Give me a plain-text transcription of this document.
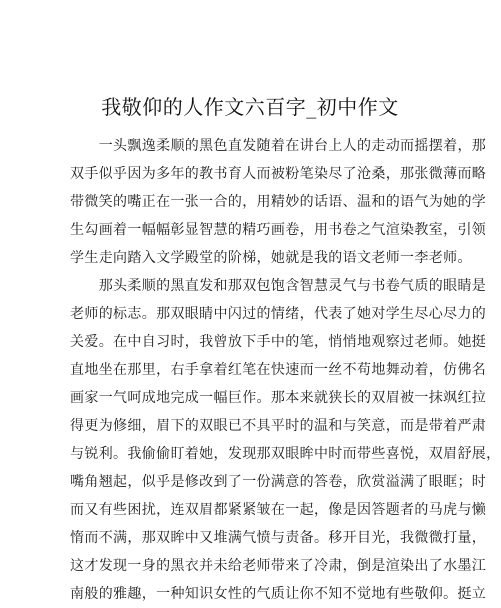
我敬仰的人作文六百字_初中作文
　　一头飘逸柔顺的黑色直发随着在讲台上人的走动而摇摆着，那
双手似乎因为多年的教书育人而被粉笔染尽了沧桑，那张微薄而略
带微笑的嘴正在一张一合的，用精妙的话语、温和的语气为她的学
生勾画着一幅幅彰显智慧的精巧画卷，用书卷之气渲染教室，引领
学生走向踏入文学殿堂的阶梯，她就是我的语文老师一李老师。
　　那头柔顺的黑直发和那双包饱含智慧灵气与书卷气质的眼睛是
老师的标志。那双眼睛中闪过的情绪，代表了她对学生尽心尽力的
关爱。在中自习时，我曾放下手中的笔，悄悄地观察过老师。她挺
直地坐在那里，右手拿着红笔在快速而一丝不苟地舞动着，仿佛名
画家一气呵成地完成一幅巨作。那本来就狭长的双眉被一抹飒红拉
得更为修细，眉下的双眼已不具平时的温和与笑意，而是带着严肃
与锐利。我偷偷盯着她，发现那双眼眸中时而带些喜悦，双眉舒展，
嘴角翘起，似乎是修改到了一份满意的答卷，欣赏溢满了眼眶；时
而又有些困扰，连双眉都紧紧皱在一起，像是因答题者的马虎与懒
惰而不满，那双眸中又堆满气愤与责备。移开目光，我微微打量，
这才发现一身的黑衣并未给老师带来了冷肃，倒是渲染出了水墨江
南般的雅趣，一种知识女性的气质让你不知不觉地有些敬仰。挺立
